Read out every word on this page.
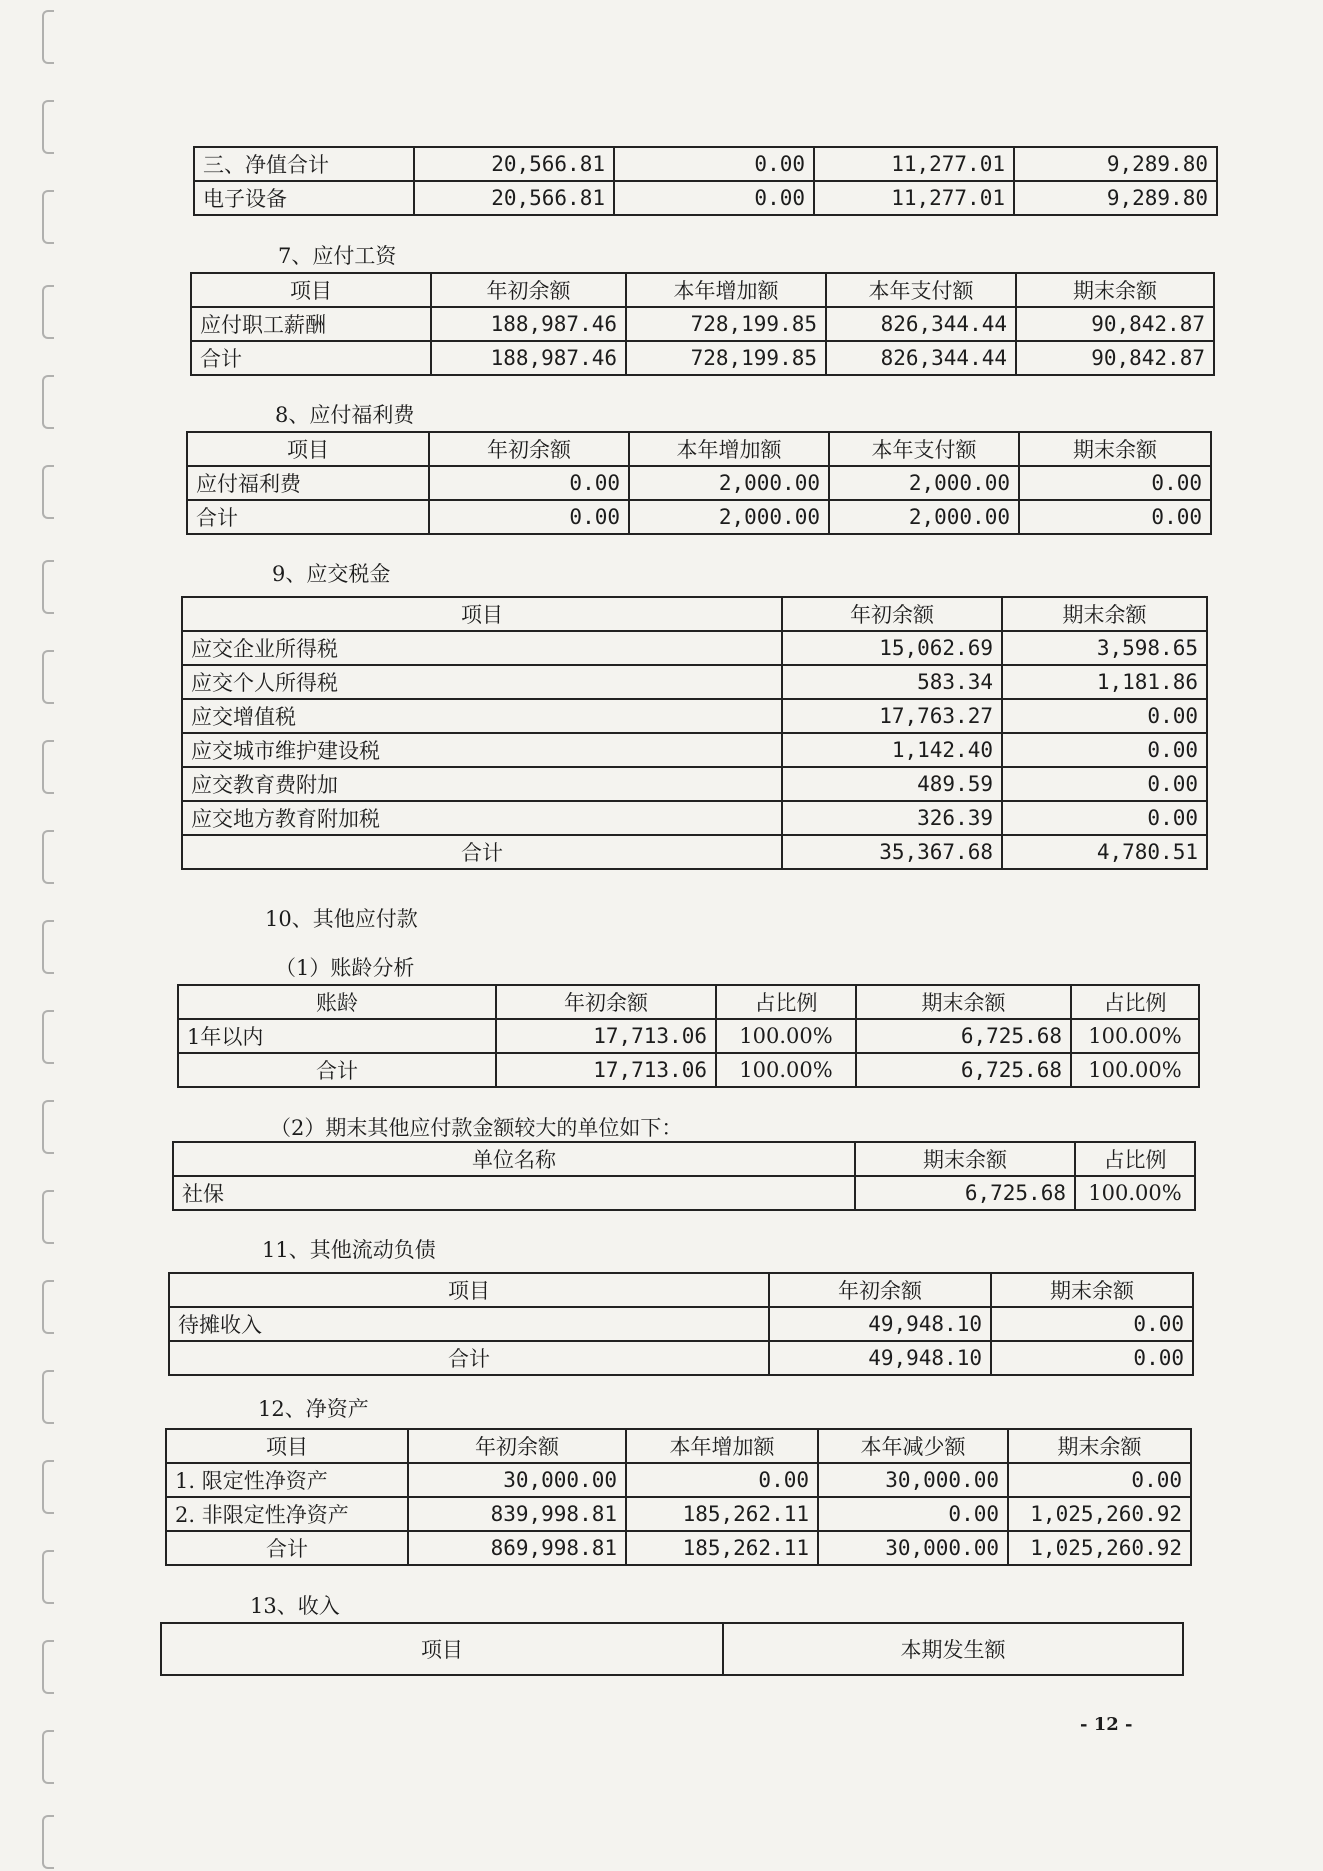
三、净值合计	20,566.81	0.00	11,277.01	9,289.80
电子设备	20,566.81	0.00	11,277.01	9,289.80
7、应付工资
项目	年初余额	本年增加额	本年支付额	期末余额
应付职工薪酬	188,987.46	728,199.85	826,344.44	90,842.87
合计	188,987.46	728,199.85	826,344.44	90,842.87
8、应付福利费
项目	年初余额	本年增加额	本年支付额	期末余额
应付福利费	0.00	2,000.00	2,000.00	0.00
合计	0.00	2,000.00	2,000.00	0.00
9、应交税金
项目	年初余额	期末余额
应交企业所得税	15,062.69	3,598.65
应交个人所得税	583.34	1,181.86
应交增值税	17,763.27	0.00
应交城市维护建设税	1,142.40	0.00
应交教育费附加	489.59	0.00
应交地方教育附加税	326.39	0.00
合计	35,367.68	4,780.51
10、其他应付款
（1）账龄分析
账龄	年初余额	占比例	期末余额	占比例
1年以内	17,713.06	100.00%	6,725.68	100.00%
合计	17,713.06	100.00%	6,725.68	100.00%
（2）期末其他应付款金额较大的单位如下：
单位名称	期末余额	占比例
社保	6,725.68	100.00%
11、其他流动负债
项目	年初余额	期末余额
待摊收入	49,948.10	0.00
合计	49,948.10	0.00
12、净资产
项目	年初余额	本年增加额	本年减少额	期末余额
1. 限定性净资产	30,000.00	0.00	30,000.00	0.00
2. 非限定性净资产	839,998.81	185,262.11	0.00	1,025,260.92
合计	869,998.81	185,262.11	30,000.00	1,025,260.92
13、收入
项目	本期发生额
- 12 -
